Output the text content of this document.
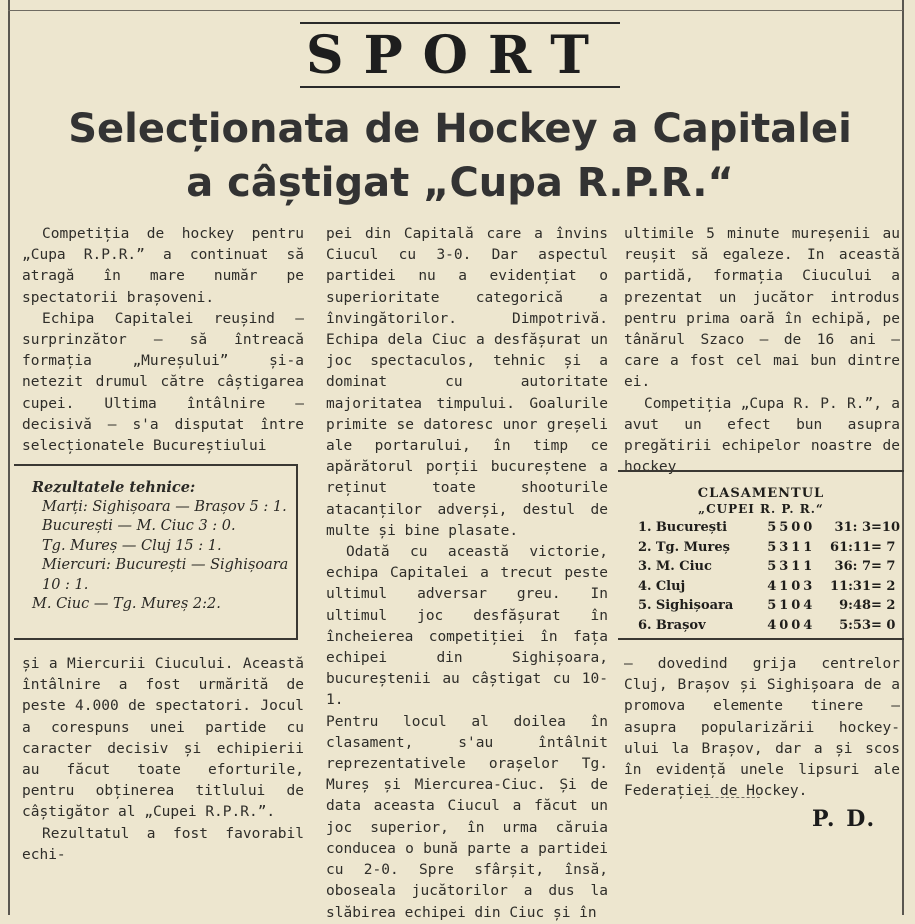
SPORT
Selecționata de Hockey a Capitalei
a câștigat „Cupa R.P.R.“

Competiția de hockey pentru „Cupa R.P.R.” a continuat să atragă în mare număr pe spectatorii brașoveni.

Echipa Capitalei reușind — surprinzător — să întreacă formația „Mureșului” și-a netezit drumul către câștigarea cupei. Ultima întâlnire — decisivă — s'a disputat între selecționatele Bucureștiului

Rezultatele tehnice:
Marți: Sighișoara — Brașov 5 : 1.
București — M. Ciuc 3 : 0.
Tg. Mureș — Cluj 15 : 1.
Miercuri: București — Sighișoara 10 : 1.
M. Ciuc — Tg. Mureș 2:2.

și a Miercurii Ciucului. Această întâlnire a fost urmărită de peste 4.000 de spectatori. Jocul a corespuns unei partide cu caracter decisiv și echipierii au făcut toate eforturile, pentru obținerea titlului de câștigător al „Cupei R.P.R.”.

Rezultatul a fost favorabil echi-

pei din Capitală care a învins Ciucul cu 3-0. Dar aspectul partidei nu a evidențiat o superioritate categorică a învingătorilor. Dimpotrivă. Echipa dela Ciuc a desfășurat un joc spectaculos, tehnic și a dominat cu autoritate majoritatea timpului. Goalurile primite se datoresc unor greșeli ale portarului, în timp ce apărătorul porții bucureștene a reținut toate shooturile atacanților adverși, destul de multe și bine plasate.

Odată cu această victorie, echipa Capitalei a trecut peste ultimul adversar greu. In ultimul joc desfășurat în încheierea competiției în fața echipei din Sighișoara, bucureștenii au câștigat cu 10-1.

Pentru locul al doilea în clasament, s'au întâlnit reprezentativele orașelor Tg. Mureș și Miercurea-Ciuc. Și de data aceasta Ciucul a făcut un joc superior, în urma căruia conducea o bună parte a partidei cu 2-0. Spre sfârșit, însă, oboseala jucătorilor a dus la slăbirea echipei din Ciuc și în

ultimile 5 minute mureșenii au reușit să egaleze. In această partidă, formația Ciucului a prezentat un jucător introdus pentru prima oară în echipă, pe tânărul Szaco — de 16 ani — care a fost cel mai bun dintre ei.

Competiția „Cupa R. P. R.”, a avut un efect bun asupra pregătirii echipelor noastre de hockey

CLASAMENTUL
„CUPEI R. P. R.“
1.	București	5	5	0	0	31: 3=	10
2.	Tg. Mureș	5	3	1	1	61:11=	7
3.	M. Ciuc	5	3	1	1	36: 7=	7
4.	Cluj	4	1	0	3	11:31=	2
5.	Sighișoara	5	1	0	4	9:48=	2
6.	Brașov	4	0	0	4	5:53=	0

— dovedind grija centrelor Cluj, Brașov și Sighișoara de a promova elemente tinere — asupra popularizării hockey-ului la Brașov, dar a și scos în evidență unele lipsuri ale Federației de Hockey.

P. D.
